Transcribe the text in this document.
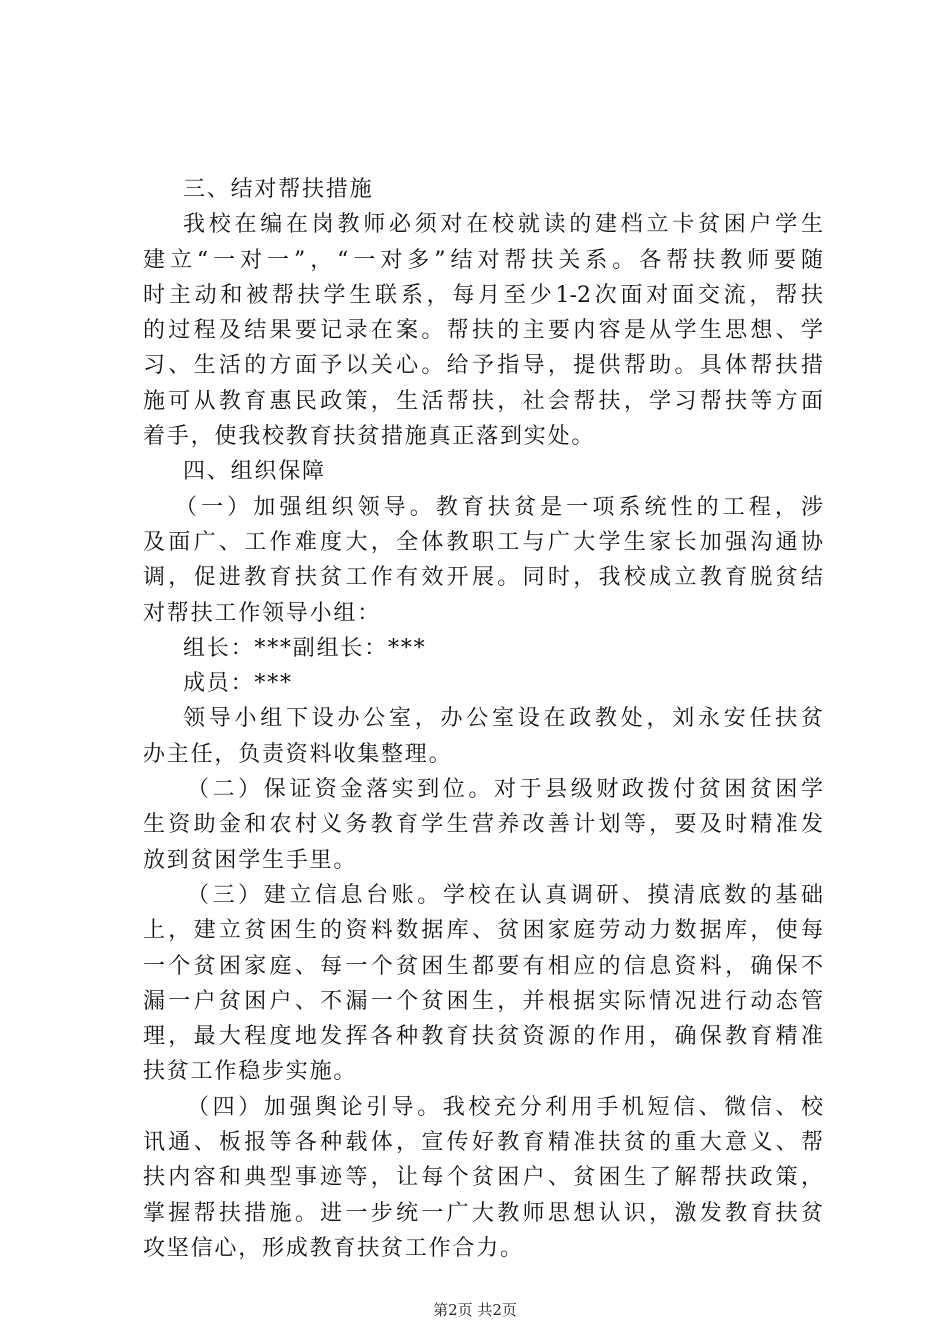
三、结对帮扶措施
我校在编在岗教师必须对在校就读的建档立卡贫困户学生
建立“一对一”，“一对多”结对帮扶关系。各帮扶教师要随
时主动和被帮扶学生联系，每月至少1-2次面对面交流，帮扶
的过程及结果要记录在案。帮扶的主要内容是从学生思想、学
习、生活的方面予以关心。给予指导，提供帮助。具体帮扶措
施可从教育惠民政策，生活帮扶，社会帮扶，学习帮扶等方面
着手，使我校教育扶贫措施真正落到实处。
四、组织保障
（一）加强组织领导。教育扶贫是一项系统性的工程，涉
及面广、工作难度大，全体教职工与广大学生家长加强沟通协
调，促进教育扶贫工作有效开展。同时，我校成立教育脱贫结
对帮扶工作领导小组：
组长：***副组长：***
成员：***
领导小组下设办公室，办公室设在政教处，刘永安任扶贫
办主任，负责资料收集整理。
（二）保证资金落实到位。对于县级财政拨付贫困贫困学
生资助金和农村义务教育学生营养改善计划等，要及时精准发
放到贫困学生手里。
（三）建立信息台账。学校在认真调研、摸清底数的基础
上，建立贫困生的资料数据库、贫困家庭劳动力数据库，使每
一个贫困家庭、每一个贫困生都要有相应的信息资料，确保不
漏一户贫困户、不漏一个贫困生，并根据实际情况进行动态管
理，最大程度地发挥各种教育扶贫资源的作用，确保教育精准
扶贫工作稳步实施。
（四）加强舆论引导。我校充分利用手机短信、微信、校
讯通、板报等各种载体，宣传好教育精准扶贫的重大意义、帮
扶内容和典型事迹等，让每个贫困户、贫困生了解帮扶政策，
掌握帮扶措施。进一步统一广大教师思想认识，激发教育扶贫
攻坚信心，形成教育扶贫工作合力。
第2页 共2页
